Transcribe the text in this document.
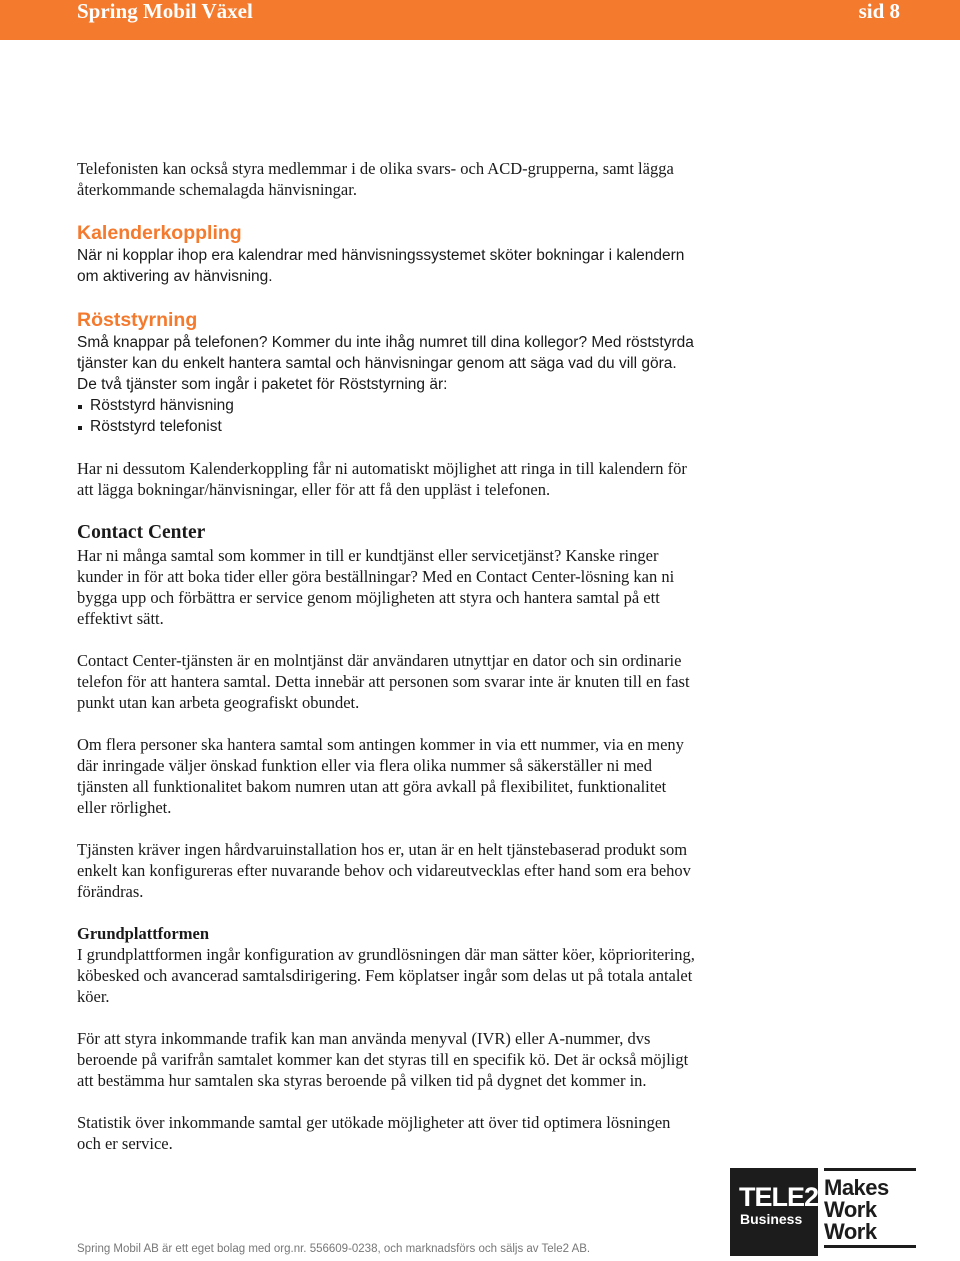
Spring Mobil Växel	sid 8

Telefonisten kan också styra medlemmar i de olika svars- och ACD-grupperna, samt lägga återkommande schemalagda hänvisningar.

Kalenderkoppling

När ni kopplar ihop era kalendrar med hänvisningssystemet sköter bokningar i kalendern om aktivering av hänvisning.

Röststyrning

Små knappar på telefonen? Kommer du inte ihåg numret till dina kollegor? Med röststyrda tjänster kan du enkelt hantera samtal och hänvisningar genom att säga vad du vill göra. De två tjänster som ingår i paketet för Röststyrning är:

Röststyrd hänvisning
Röststyrd telefonist

Har ni dessutom Kalenderkoppling får ni automatiskt möjlighet att ringa in till kalendern för att lägga bokningar/hänvisningar, eller för att få den uppläst i telefonen.

Contact Center

Har ni många samtal som kommer in till er kundtjänst eller servicetjänst? Kanske ringer kunder in för att boka tider eller göra beställningar? Med en Contact Center-lösning kan ni bygga upp och förbättra er service genom möjligheten att styra och hantera samtal på ett effektivt sätt.

Contact Center-tjänsten är en molntjänst där användaren utnyttjar en dator och sin ordinarie telefon för att hantera samtal. Detta innebär att personen som svarar inte är knuten till en fast punkt utan kan arbeta geografiskt obundet.

Om flera personer ska hantera samtal som antingen kommer in via ett nummer, via en meny där inringade väljer önskad funktion eller via flera olika nummer så säkerställer ni med tjänsten all funktionalitet bakom numren utan att göra avkall på flexibilitet, funktionalitet eller rörlighet.

Tjänsten kräver ingen hårdvaruinstallation hos er, utan är en helt tjänstebaserad produkt som enkelt kan konfigureras efter nuvarande behov och vidareutvecklas efter hand som era behov förändras.

Grundplattformen

I grundplattformen ingår konfiguration av grundlösningen där man sätter köer, köprioritering, köbesked och avancerad samtalsdirigering. Fem köplatser ingår som delas ut på totala antalet köer.

För att styra inkommande trafik kan man använda menyval (IVR) eller A-nummer, dvs beroende på varifrån samtalet kommer kan det styras till en specifik kö. Det är också möjligt att bestämma hur samtalen ska styras beroende på vilken tid på dygnet det kommer in.

Statistik över inkommande samtal ger utökade möjligheter att över tid optimera lösningen och er service.

Spring Mobil AB är ett eget bolag med org.nr. 556609-0238, och marknadsförs och säljs av Tele2 AB.
TELE2
Business
Makes
Work
Work
